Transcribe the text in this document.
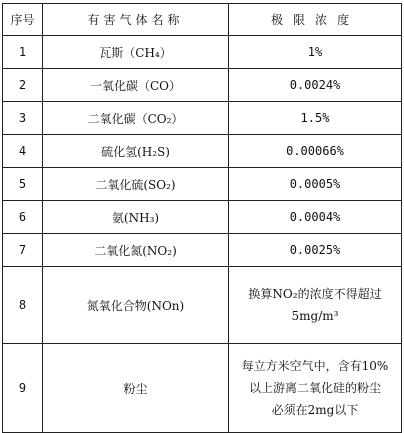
序号	有害气体名称	极限浓度
1	瓦斯（CH₄）	1%
2	一氧化碳（CO）	0.0024%
3	二氧化碳（CO₂）	1.5%
4	硫化氢(H₂S)	0.00066%
5	二氧化硫(SO₂)	0.0005%
6	氨(NH₃)	0.0004%
7	二氧化氮(NO₂)	0.0025%
8	氮氧化合物(NOn)	换算NO₂的浓度不得超过
5mg/m³

9	粉尘	每立方米空气中，含有10%
以上游离二氧化硅的粉尘
必须在2mg以下
